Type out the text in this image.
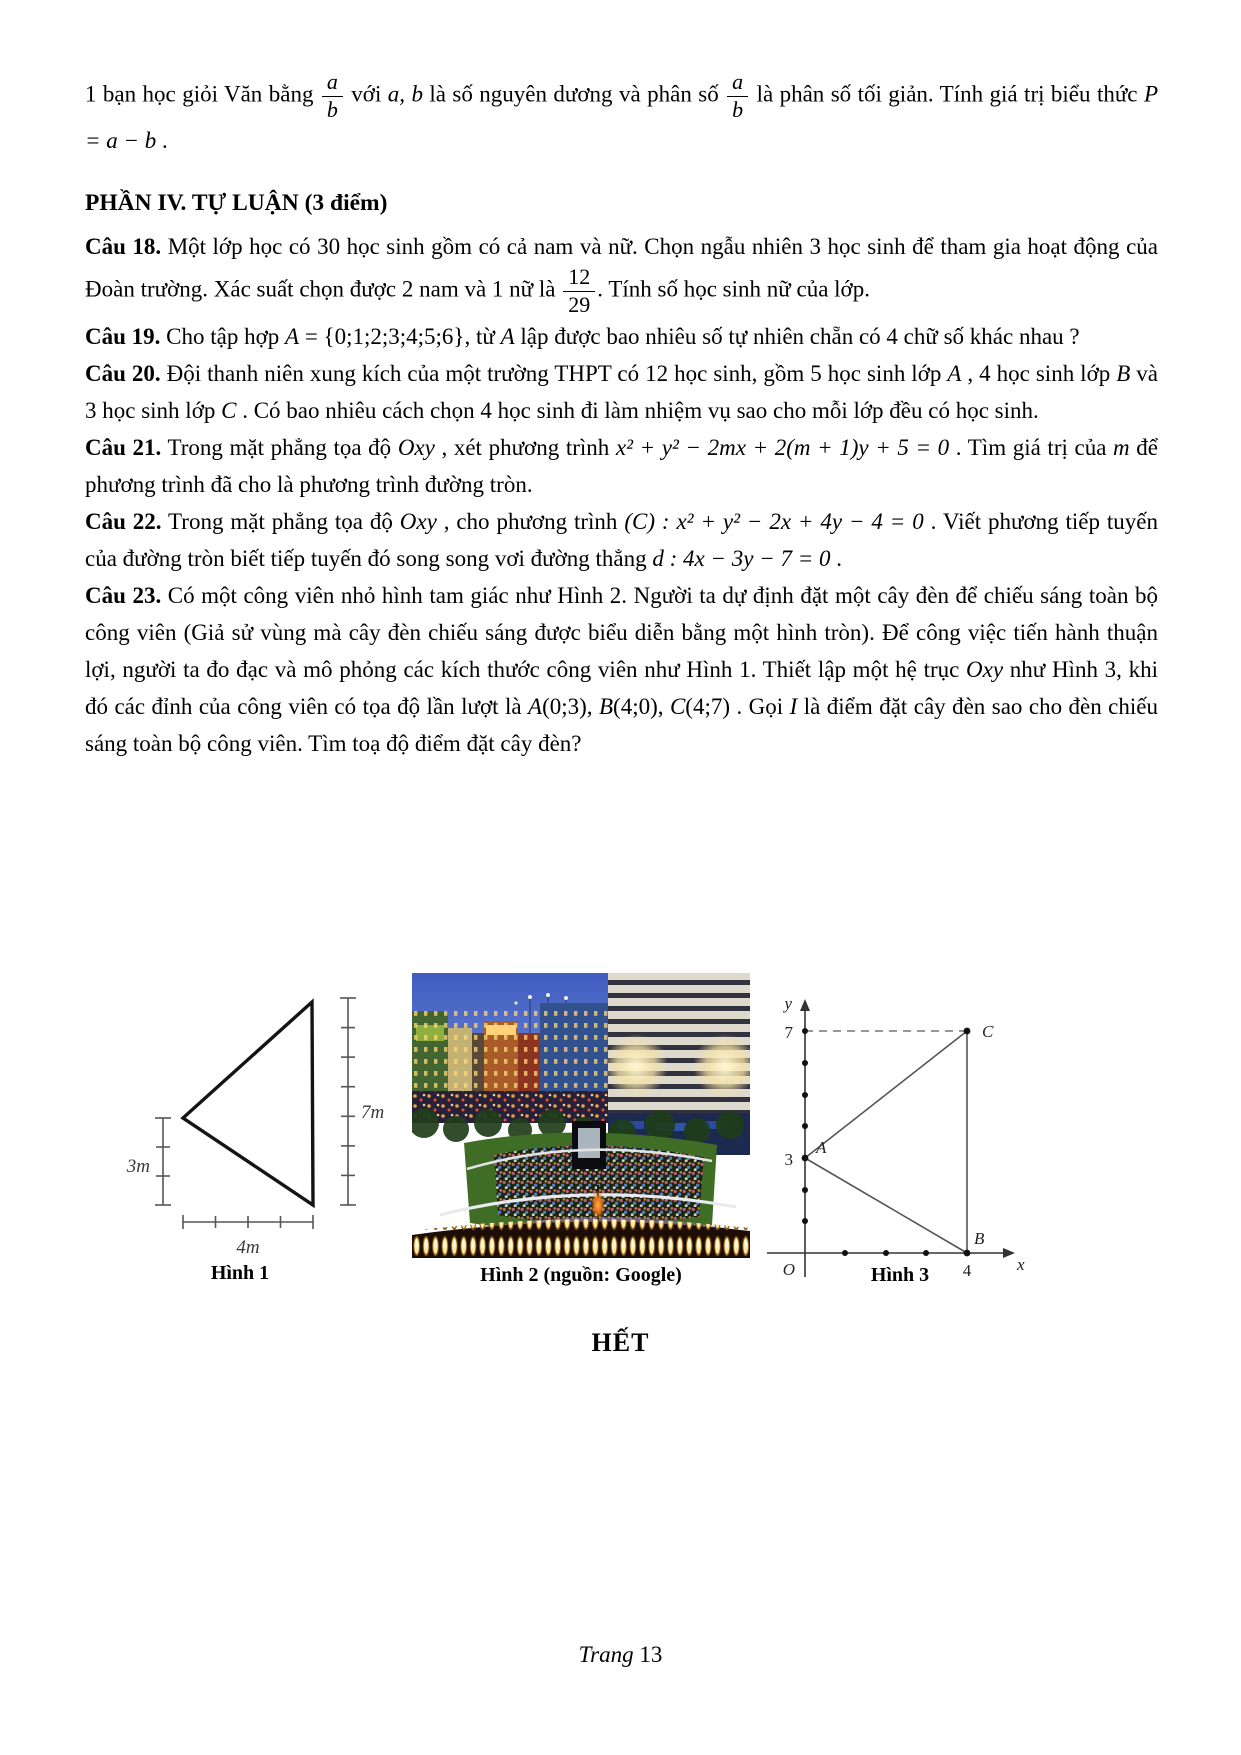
1 bạn học giỏi Văn bằng $\frac{a}{b}$ với a, b là số nguyên dương và phân số $\frac{a}{b}$ là phân số tối giản. Tính giá trị biểu thức P = a − b .

PHẦN IV. TỰ LUẬN (3 điểm)

Câu 18. Một lớp học có 30 học sinh gồm có cả nam và nữ. Chọn ngẫu nhiên 3 học sinh để tham gia hoạt động của Đoàn trường. Xác suất chọn được 2 nam và 1 nữ là $\frac{12}{29}$ . Tính số học sinh nữ của lớp.

Câu 19. Cho tập hợp A = {0;1;2;3;4;5;6}, từ A lập được bao nhiêu số tự nhiên chẵn có 4 chữ số khác nhau ?

Câu 20. Đội thanh niên xung kích của một trường THPT có 12 học sinh, gồm 5 học sinh lớp A , 4 học sinh lớp B và 3 học sinh lớp C . Có bao nhiêu cách chọn 4 học sinh đi làm nhiệm vụ sao cho mỗi lớp đều có học sinh.

Câu 21. Trong mặt phẳng tọa độ Oxy , xét phương trình x² + y² − 2mx + 2(m + 1)y + 5 = 0 . Tìm giá trị của m để phương trình đã cho là phương trình đường tròn.

Câu 22. Trong mặt phẳng tọa độ Oxy , cho phương trình (C) : x² + y² − 2x + 4y − 4 = 0 . Viết phương tiếp tuyến của đường tròn biết tiếp tuyến đó song song vơi đường thẳng d : 4x − 3y − 7 = 0 .

Câu 23. Có một công viên nhỏ hình tam giác như Hình 2. Người ta dự định đặt một cây đèn để chiếu sáng toàn bộ công viên (Giả sử vùng mà cây đèn chiếu sáng được biểu diễn bằng một hình tròn). Để công việc tiến hành thuận lợi, người ta đo đạc và mô phỏng các kích thước công viên như Hình 1. Thiết lập một hệ trục Oxy như Hình 3, khi đó các đỉnh của công viên có tọa độ lần lượt là A(0;3), B(4;0), C(4;7) . Gọi I là điểm đặt cây đèn sao cho đèn chiếu sáng toàn bộ công viên. Tìm toạ độ điểm đặt cây đèn?

7m
3m
4m
Hình 1	Hình 2 (nguồn: Google)
y
x
O
7
3
4
A
B
C
Hình 3
HẾT
Trang 13
